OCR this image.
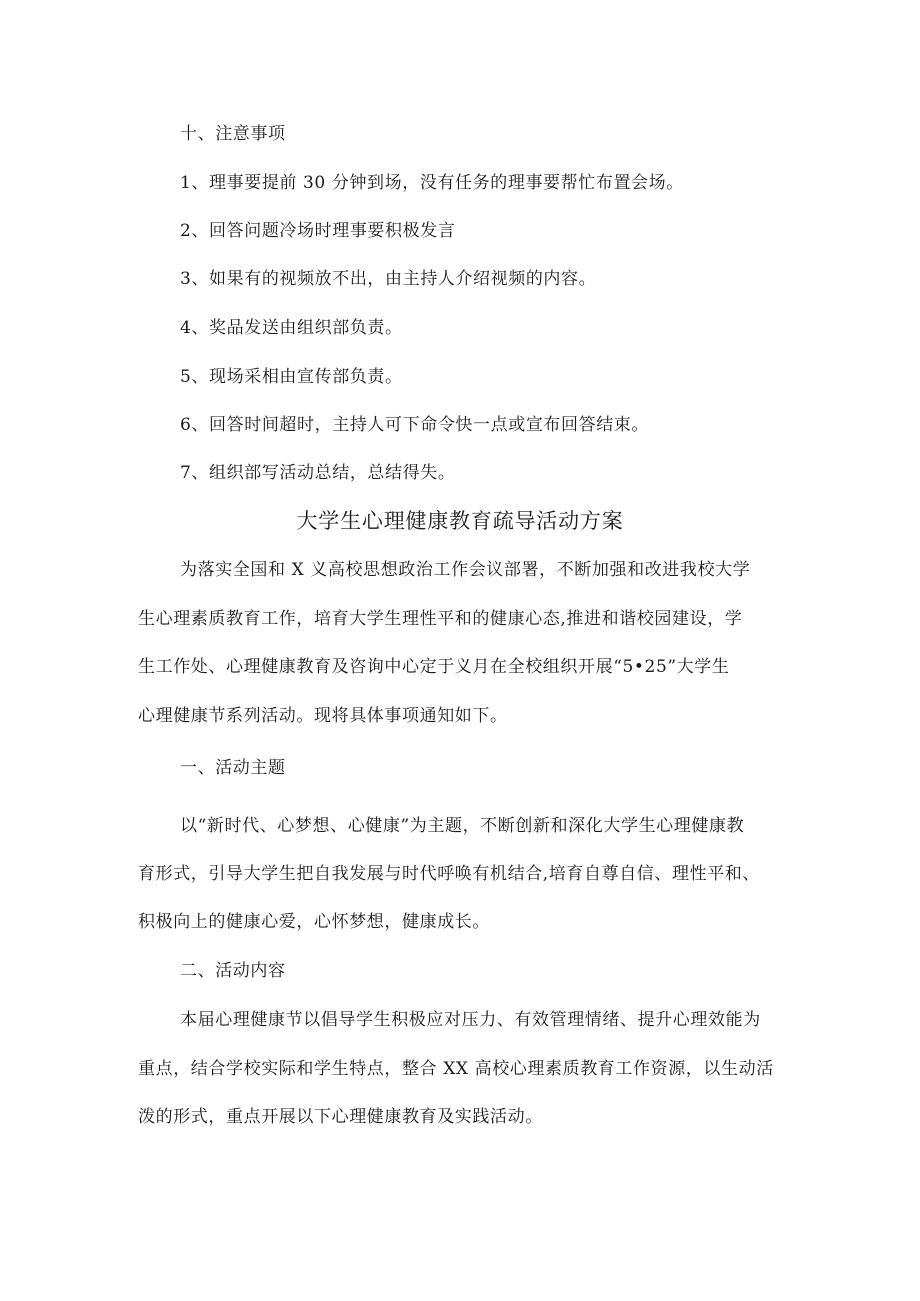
十、注意事项
1、理事要提前 30 分钟到场，没有任务的理事要帮忙布置会场。
2、回答问题冷场时理事要积极发言
3、如果有的视频放不出，由主持人介绍视频的内容。
4、奖品发送由组织部负责。
5、现场采相由宣传部负责。
6、回答时间超时，主持人可下命令快一点或宣布回答结束。
7、组织部写活动总结，总结得失。
大学生心理健康教育疏导活动方案
为落实全国和 X 义高校思想政治工作会议部署，不断加强和改进我校大学
生心理素质教育工作，培育大学生理性平和的健康心态,推进和谐校园建设，学
生工作处、心理健康教育及咨询中心定于义月在全校组织开展“5•25”大学生
心理健康节系列活动。现将具体事项通知如下。
一、活动主题
以“新时代、心梦想、心健康”为主题，不断创新和深化大学生心理健康教
育形式，引导大学生把自我发展与时代呼唤有机结合,培育自尊自信、理性平和、
积极向上的健康心爱，心怀梦想，健康成长。
二、活动内容
本届心理健康节以倡导学生积极应对压力、有效管理情绪、提升心理效能为
重点，结合学校实际和学生特点，整合 XX 高校心理素质教育工作资源，以生动活
泼的形式，重点开展以下心理健康教育及实践活动。
